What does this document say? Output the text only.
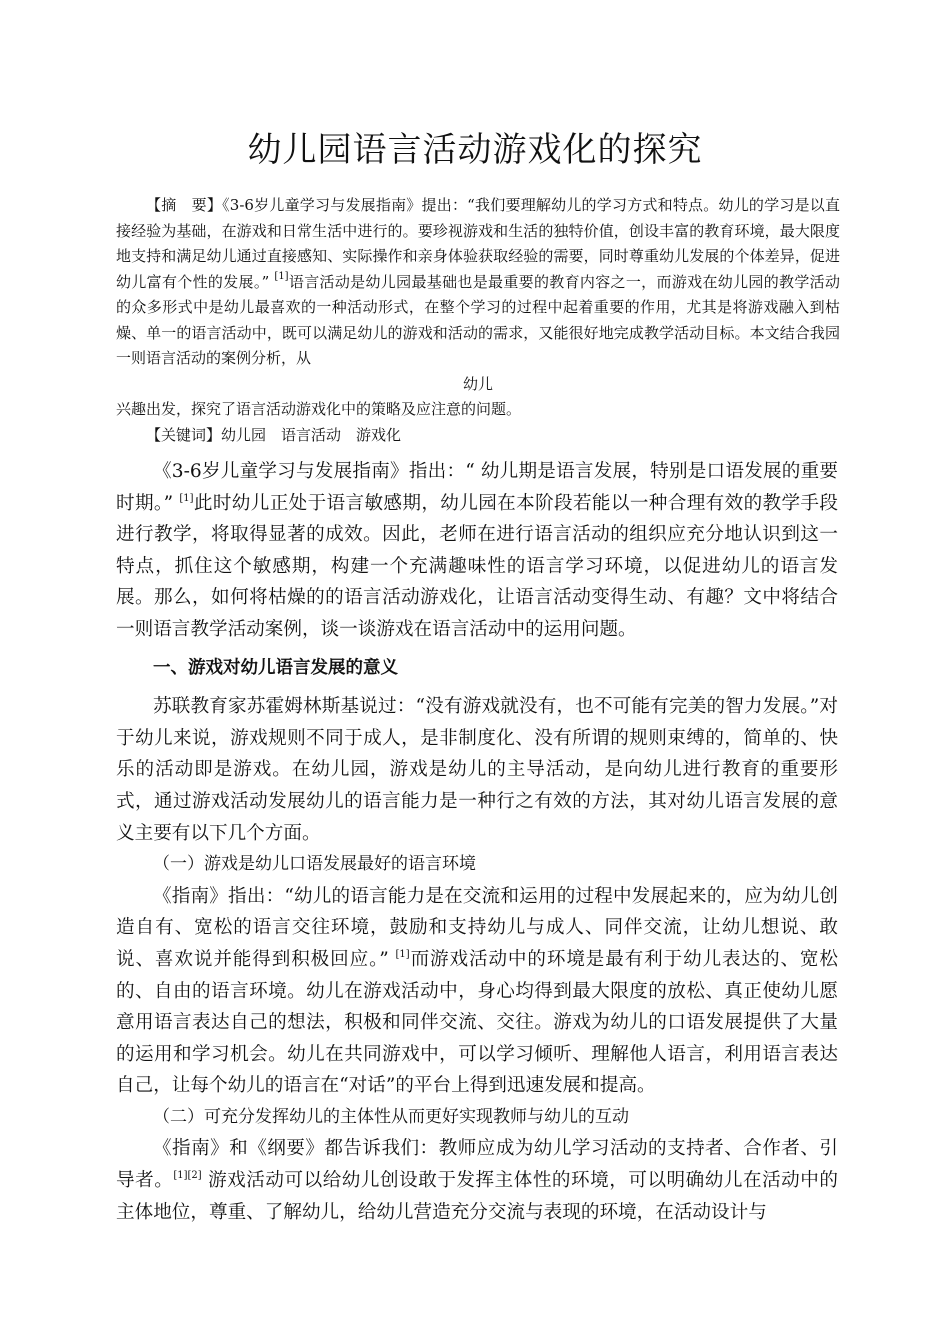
幼儿园语言活动游戏化的探究

【摘　要】《3-6岁儿童学习与发展指南》提出：“我们要理解幼儿的学习方式和特点。幼儿的学习是以直接经验为基础，在游戏和日常生活中进行的。要珍视游戏和生活的独特价值，创设丰富的教育环境，最大限度地支持和满足幼儿通过直接感知、实际操作和亲身体验获取经验的需要，同时尊重幼儿发展的个体差异，促进幼儿富有个性的发展。” [1]语言活动是幼儿园最基础也是最重要的教育内容之一，而游戏在幼儿园的教学活动的众多形式中是幼儿最喜欢的一种活动形式，在整个学习的过程中起着重要的作用，尤其是将游戏融入到枯燥、单一的语言活动中，既可以满足幼儿的游戏和活动的需求，又能很好地完成教学活动目标。本文结合我园一则语言活动的案例分析，从

幼儿

兴趣出发，探究了语言活动游戏化中的策略及应注意的问题。

【关键词】幼儿园　语言活动　游戏化

《3-6岁儿童学习与发展指南》指出：“ 幼儿期是语言发展，特别是口语发展的重要时期。” [1]此时幼儿正处于语言敏感期，幼儿园在本阶段若能以一种合理有效的教学手段进行教学，将取得显著的成效。因此，老师在进行语言活动的组织应充分地认识到这一特点，抓住这个敏感期，构建一个充满趣味性的语言学习环境，以促进幼儿的语言发展。那么，如何将枯燥的的语言活动游戏化，让语言活动变得生动、有趣？文中将结合一则语言教学活动案例，谈一谈游戏在语言活动中的运用问题。

一、游戏对幼儿语言发展的意义

苏联教育家苏霍姆林斯基说过：“没有游戏就没有，也不可能有完美的智力发展。”对于幼儿来说，游戏规则不同于成人，是非制度化、没有所谓的规则束缚的，简单的、快乐的活动即是游戏。在幼儿园，游戏是幼儿的主导活动，是向幼儿进行教育的重要形式，通过游戏活动发展幼儿的语言能力是一种行之有效的方法，其对幼儿语言发展的意义主要有以下几个方面。

（一）游戏是幼儿口语发展最好的语言环境

《指南》指出：“幼儿的语言能力是在交流和运用的过程中发展起来的，应为幼儿创造自有、宽松的语言交往环境，鼓励和支持幼儿与成人、同伴交流，让幼儿想说、敢说、喜欢说并能得到积极回应。” [1]而游戏活动中的环境是最有利于幼儿表达的、宽松的、自由的语言环境。幼儿在游戏活动中，身心均得到最大限度的放松、真正使幼儿愿意用语言表达自己的想法，积极和同伴交流、交往。游戏为幼儿的口语发展提供了大量的运用和学习机会。幼儿在共同游戏中，可以学习倾听、理解他人语言，利用语言表达自己，让每个幼儿的语言在“对话”的平台上得到迅速发展和提高。

（二）可充分发挥幼儿的主体性从而更好实现教师与幼儿的互动

《指南》和《纲要》都告诉我们：教师应成为幼儿学习活动的支持者、合作者、引导者。[1][2] 游戏活动可以给幼儿创设敢于发挥主体性的环境，可以明确幼儿在活动中的主体地位，尊重、了解幼儿，给幼儿营造充分交流与表现的环境，在活动设计与
